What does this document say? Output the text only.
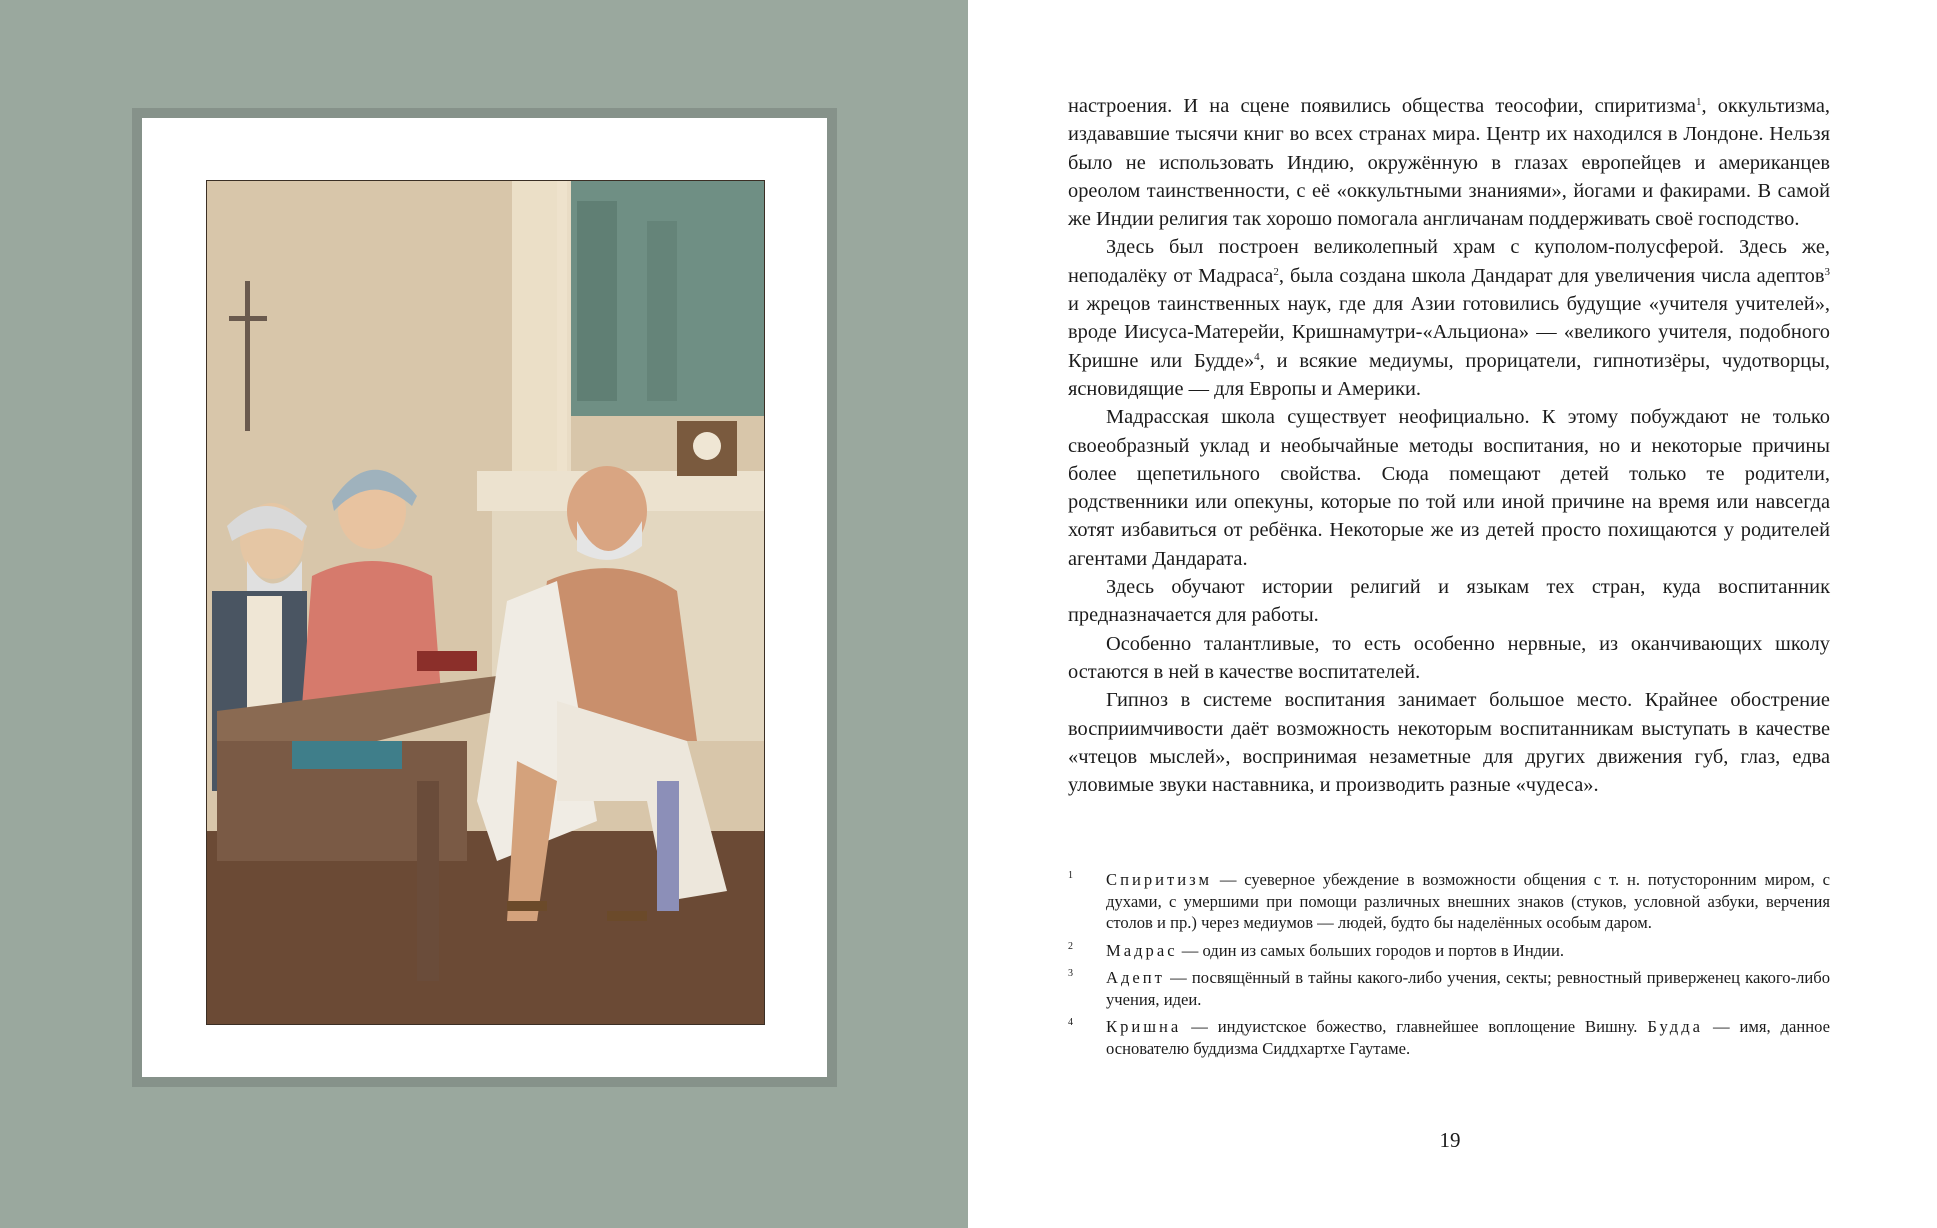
настроения. И на сцене появились общества теософии, спиритизма$^1$, оккультизма, издававшие тысячи книг во всех странах мира. Центр их находился в Лондоне. Нельзя было не использовать Индию, окружённую в глазах европейцев и американцев ореолом таинственности, с её «оккультными знаниями», йогами и факирами. В самой же Индии религия так хорошо помогала англичанам поддерживать своё господство.

Здесь был построен великолепный храм с куполом-полусферой. Здесь же, неподалёку от Мадраса$^2$, была создана школа Дандарат для увеличения числа адептов$^3$ и жрецов таинственных наук, где для Азии готовились будущие «учителя учителей», вроде Иисуса-Матерейи, Кришнамутри-«Альциона» — «великого учителя, подобного Кришне или Будде»$^4$, и всякие медиумы, прорицатели, гипнотизёры, чудотворцы, ясновидящие — для Европы и Америки.

Мадрасская школа существует неофициально. К этому побуждают не только своеобразный уклад и необычайные методы воспитания, но и некоторые причины более щепетильного свойства. Сюда помещают детей только те родители, родственники или опекуны, которые по той или иной причине на время или навсегда хотят избавиться от ребёнка. Некоторые же из детей просто похищаются у родителей агентами Дандарата.

Здесь обучают истории религий и языкам тех стран, куда воспитанник предназначается для работы.

Особенно талантливые, то есть особенно нервные, из оканчивающих школу остаются в ней в качестве воспитателей.

Гипноз в системе воспитания занимает большое место. Крайнее обострение восприимчивости даёт возможность некоторым воспитанникам выступать в качестве «чтецов мыслей», воспринимая незаметные для других движения губ, глаз, едва уловимые звуки наставника, и производить разные «чудеса».

1 Спиритизм — суеверное убеждение в возможности общения с т. н. потусторонним миром, с духами, с умершими при помощи различных внешних знаков (стуков, условной азбуки, верчения столов и пр.) через медиумов — людей, будто бы наделённых особым даром.
2 Мадрас — один из самых больших городов и портов в Индии.
3 Адепт — посвящённый в тайны какого-либо учения, секты; ревностный приверженец какого-либо учения, идеи.
4 Кришна — индуистское божество, главнейшее воплощение Вишну. Будда — имя, данное основателю буддизма Сиддхартхе Гаутаме.
19
